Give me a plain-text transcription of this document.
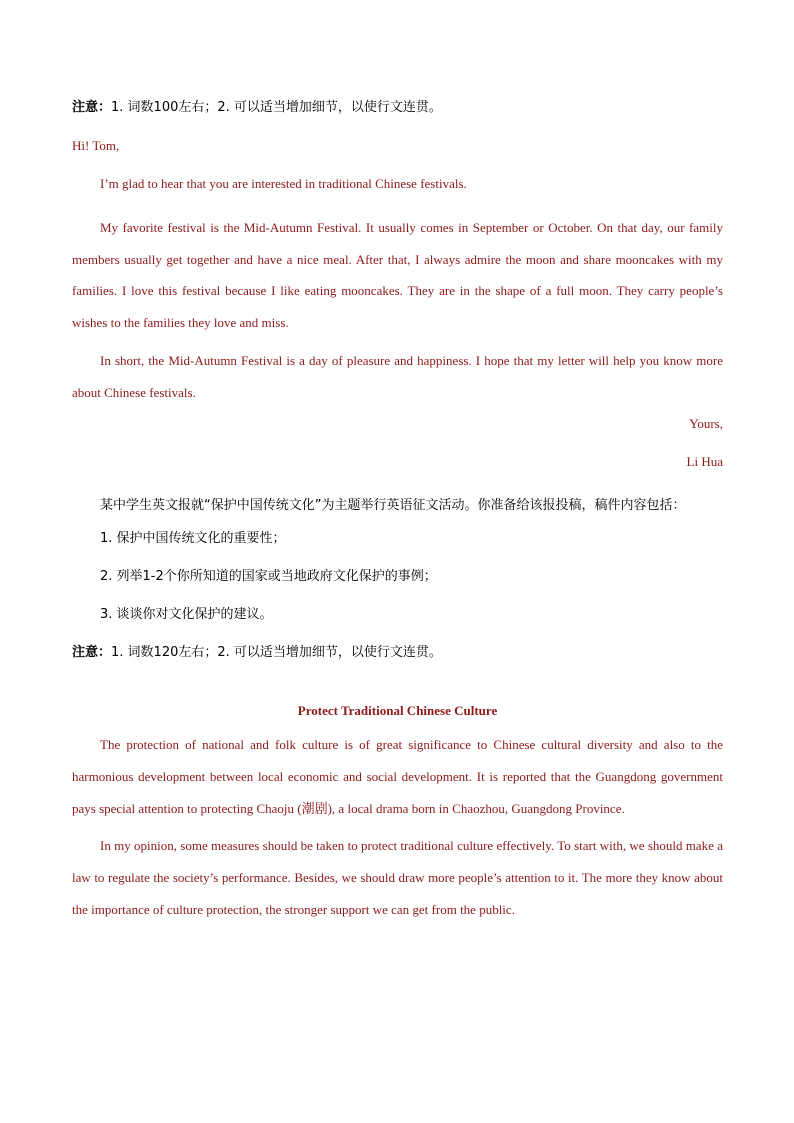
注意：1. 词数100左右；2. 可以适当增加细节，以使行文连贯。

Hi! Tom,

I’m glad to hear that you are interested in traditional Chinese festivals.

My favorite festival is the Mid-Autumn Festival. It usually comes in September or October. On that day, our family members usually get together and have a nice meal. After that, I always admire the moon and share mooncakes with my families. I love this festival because I like eating mooncakes. They are in the shape of a full moon. They carry people’s wishes to the families they love and miss.

In short, the Mid-Autumn Festival is a day of pleasure and happiness. I hope that my letter will help you know more about Chinese festivals.

Yours,

Li Hua

某中学生英文报就“保护中国传统文化”为主题举行英语征文活动。你准备给该报投稿，稿件内容包括：

1. 保护中国传统文化的重要性；

2. 列举1-2个你所知道的国家或当地政府文化保护的事例；

3. 谈谈你对文化保护的建议。

注意：1. 词数120左右；2. 可以适当增加细节，以使行文连贯。

Protect Traditional Chinese Culture

The protection of national and folk culture is of great significance to Chinese cultural diversity and also to the harmonious development between local economic and social development. It is reported that the Guangdong government pays special attention to protecting Chaoju (潮剧), a local drama born in Chaozhou, Guangdong Province.

In my opinion, some measures should be taken to protect traditional culture effectively. To start with, we should make a law to regulate the society’s performance. Besides, we should draw more people’s attention to it. The more they know about the importance of culture protection, the stronger support we can get from the public.
